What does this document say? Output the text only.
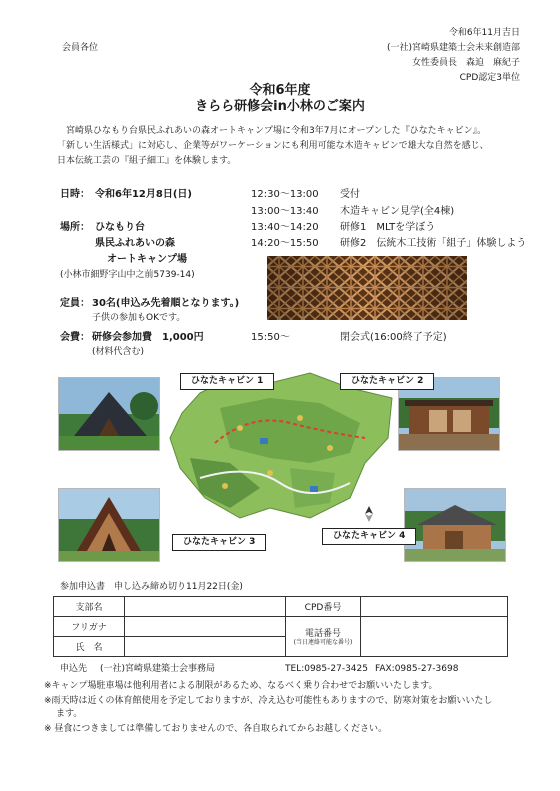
令和6年11月吉日
会員各位	(一社)宮崎県建築士会未来創造部
女性委員長　森迫　麻紀子
CPD認定3単位
令和6年度
きらら研修会in小林のご案内
宮崎県ひなもり台県民ふれあいの森オートキャンプ場に令和3年7月にオープンした『ひなたキャビン』。
「新しい生活様式」に対応し、企業等がワーケーションにも利用可能な木造キャビンで雄大な自然を感じ、
日本伝統工芸の『組子細工』を体験します。
日時： 令和6年12月8日(日)
場所： ひなもり台
県民ふれあいの森
オートキャンプ場
(小林市細野字山中之前5739-14)
定員： 30名(申込み先着順となります。)
子供の参加もOKです。
会費： 研修会参加費　1,000円
(材料代含む)
12:30～13:00 受付
13:00～13:40 木造キャビン見学(全4棟)
13:40～14:20 研修1　MLTを学ぼう
14:20～15:50 研修2　伝統木工技術「組子」体験しよう
15:50～	閉会式(16:00終了予定)
ひなたキャビン 1	ひなたキャビン 2
ひなたキャビン 3
ひなたキャビン 4
参加申込書　申し込み締め切り11月22日(金)
支部名		CPD番号	
フリガナ		電話番号
(当日連絡可能な番号)	

氏　名			
申込先 (一社)宮崎県建築士会事務局	TEL:0985-27-3425 FAX:0985-27-3698
※キャンプ場駐車場は他利用者による制限があるため、なるべく乗り合わせでお願いいたします。
※雨天時は近くの体育館使用を予定しておりますが、冷え込む可能性もありますので、防寒対策をお願いいたし
ます。
※ 昼食につきましては準備しておりませんので、各自取られてからお越しください。
